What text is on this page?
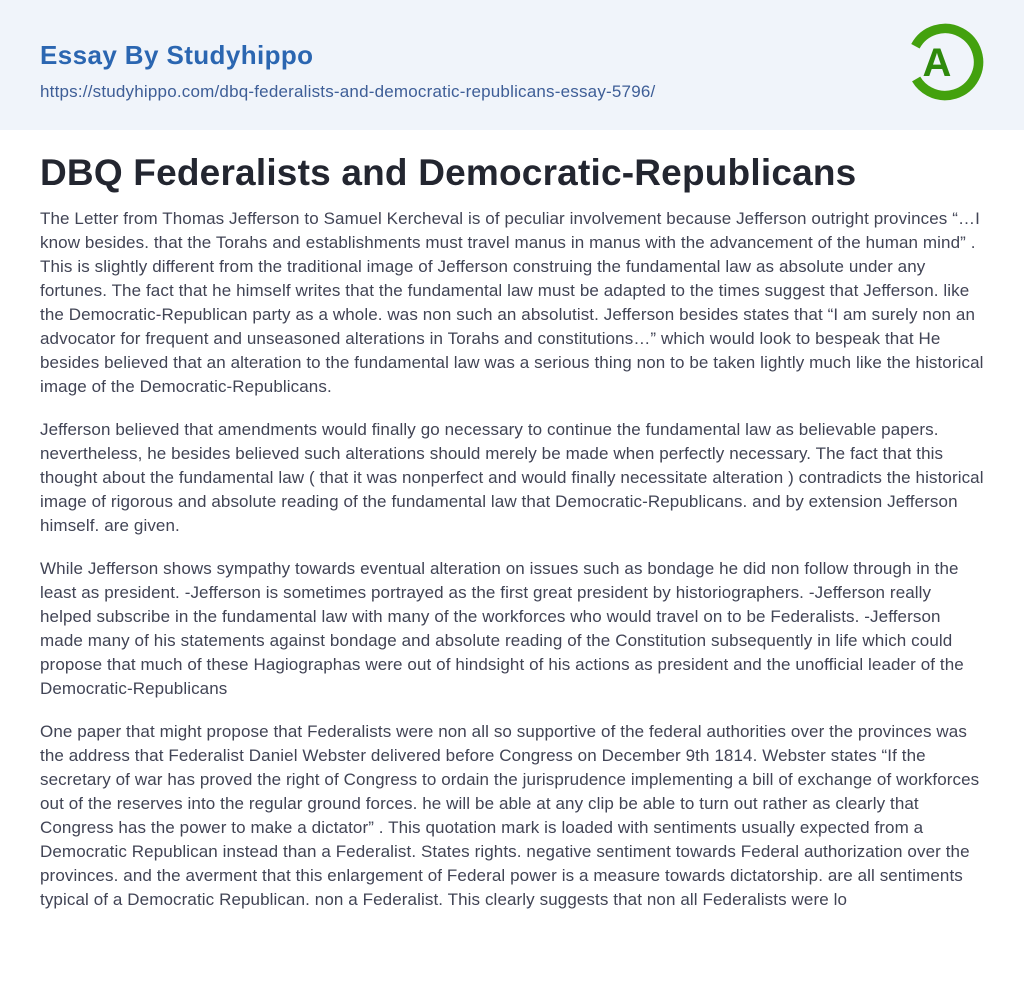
Essay By Studyhippo
https://studyhippo.com/dbq-federalists-and-democratic-republicans-essay-5796/
A
DBQ Federalists and Democratic-Republicans

The Letter from Thomas Jefferson to Samuel Kercheval is of peculiar involvement because Jefferson outright provinces “…I know besides. that the Torahs and establishments must travel manus in manus with the advancement of the human mind” . This is slightly different from the traditional image of Jefferson construing the fundamental law as absolute under any fortunes. The fact that he himself writes that the fundamental law must be adapted to the times suggest that Jefferson. like the Democratic-Republican party as a whole. was non such an absolutist. Jefferson besides states that “I am surely non an advocator for frequent and unseasoned alterations in Torahs and constitutions…” which would look to bespeak that He besides believed that an alteration to the fundamental law was a serious thing non to be taken lightly much like the historical image of the Democratic-Republicans.

Jefferson believed that amendments would finally go necessary to continue the fundamental law as believable papers. nevertheless, he besides believed such alterations should merely be made when perfectly necessary. The fact that this thought about the fundamental law ( that it was nonperfect and would finally necessitate alteration ) contradicts the historical image of rigorous and absolute reading of the fundamental law that Democratic-Republicans. and by extension Jefferson himself. are given.

While Jefferson shows sympathy towards eventual alteration on issues such as bondage he did non follow through in the least as president. -Jefferson is sometimes portrayed as the first great president by historiographers. -Jefferson really helped subscribe in the fundamental law with many of the workforces who would travel on to be Federalists. -Jefferson made many of his statements against bondage and absolute reading of the Constitution subsequently in life which could propose that much of these Hagiographas were out of hindsight of his actions as president and the unofficial leader of the Democratic-Republicans

One paper that might propose that Federalists were non all so supportive of the federal authorities over the provinces was the address that Federalist Daniel Webster delivered before Congress on December 9th 1814. Webster states “If the secretary of war has proved the right of Congress to ordain the jurisprudence implementing a bill of exchange of workforces out of the reserves into the regular ground forces. he will be able at any clip be able to turn out rather as clearly that Congress has the power to make a dictator” . This quotation mark is loaded with sentiments usually expected from a Democratic Republican instead than a Federalist. States rights. negative sentiment towards Federal authorization over the provinces. and the averment that this enlargement of Federal power is a measure towards dictatorship. are all sentiments typical of a Democratic Republican. non a Federalist. This clearly suggests that non all Federalists were lo
